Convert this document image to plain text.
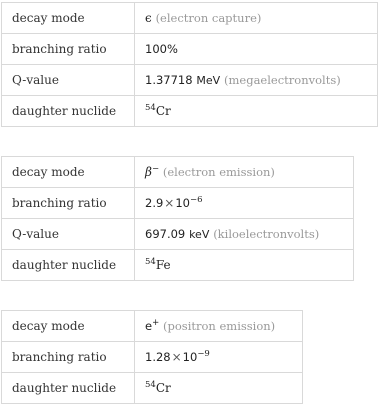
decay mode	ϵ (electron capture)
branching ratio	100%
Q-value	1.37718 MeV (megaelectronvolts)
daughter nuclide	$^{54}$Cr
decay mode	β− (electron emission)
branching ratio	$2.9\times 10^{-6}$
Q-value	697.09 keV (kiloelectronvolts)
daughter nuclide	$^{54}$Fe
decay mode	e+ (positron emission)
branching ratio	$1.28\times 10^{-9}$
daughter nuclide	$^{54}$Cr
